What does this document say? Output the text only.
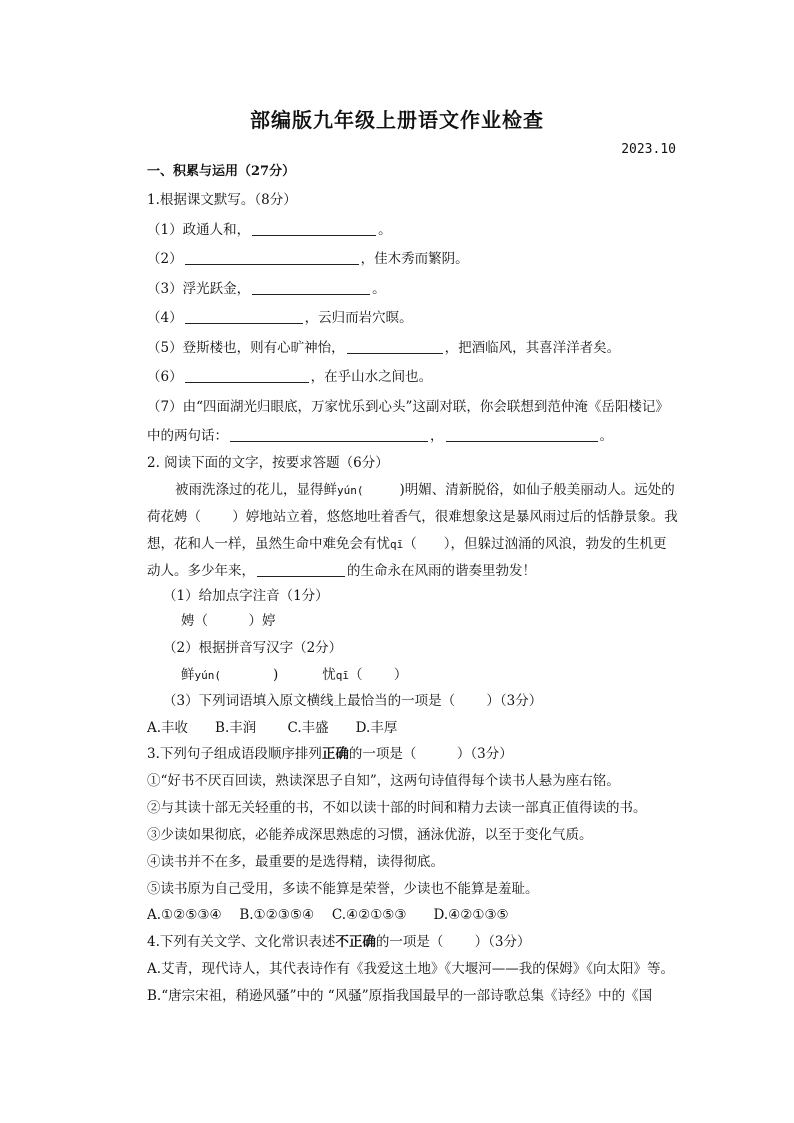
部编版九年级上册语文作业检查
2023.10
一、积累与运用（27分）
1.根据课文默写。（8分）
（1）政通人和，	。
（2）	，佳木秀而繁阴。
（3）浮光跃金，	。
（4）	，云归而岩穴暝。
（5）登斯楼也，则有心旷神怡，	，把酒临风，其喜洋洋者矣。
（6）	，在乎山水之间也。
（7）由“四面湖光归眼底，万家忧乐到心头”这副对联，你会联想到范仲淹《岳阳楼记》
中的两句话：	，	。
2. 阅读下面的文字，按要求答题（6分）
被雨洗涤过的花儿，显得鲜yún(	)明媚、清新脱俗，如仙子般美丽动人。远处的
荷花娉（　　 ）婷地站立着，悠悠地吐着香气，很难想象这是暴风雨过后的恬静景象。我
想，花和人一样，虽然生命中难免会有忧qī（　　），但躲过汹涌的风浪，勃发的生机更
动人。多少年来，	的生命永在风雨的谐奏里勃发！
（1）给加点字注音（1分）
娉（　　　）婷
（2）根据拼音写汉字（2分）
鲜yún(	)	忧qī（　　 ）
（3）下列词语填入原文横线上最恰当的一项是（　　 ）（3分）
A.丰收　　B.丰润　　 C.丰盛　　D.丰厚
3.下列句子组成语段顺序排列正确的一项是（　　　）（3分）
①“好书不厌百回读，熟读深思子自知”，这两句诗值得每个读书人悬为座右铭。
②与其读十部无关轻重的书，不如以读十部的时间和精力去读一部真正值得读的书。
③少读如果彻底，必能养成深思熟虑的习惯，涵泳优游，以至于变化气质。
④读书并不在多，最重要的是选得精，读得彻底。
⑤读书原为自己受用，多读不能算是荣誉，少读也不能算是羞耻。
A.①②⑤③④　 B.①②③⑤④　 C.④②①⑤③　　D.④②①③⑤
4.下列有关文学、文化常识表述不正确的一项是（　　 ）（3分）
A.艾青，现代诗人，其代表诗作有《我爱这土地》《大堰河——我的保姆》《向太阳》等。
B.“唐宗宋祖，稍逊风骚”中的 “风骚”原指我国最早的一部诗歌总集《诗经》中的《国
